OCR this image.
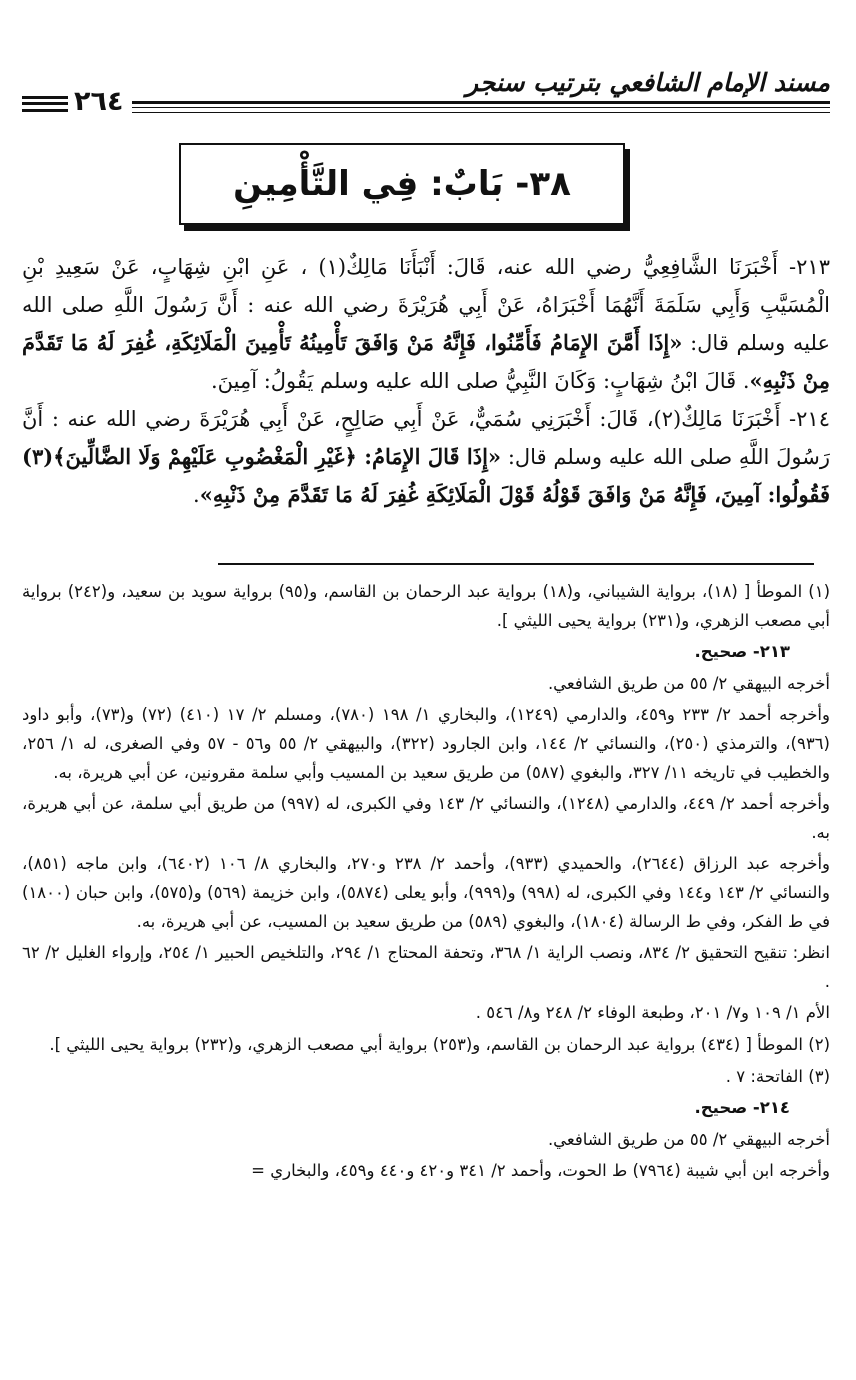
مسند الإمام الشافعي بترتيب سنجر
٢٦٤
٣٨- بَابٌ: فِي التَّأْمِينِ

٢١٣- أَخْبَرَنَا الشَّافِعِيُّ رضي الله عنه، قَالَ: أَنْبَأَنَا مَالِكٌ(١) ، عَنِ ابْنِ شِهَابٍ، عَنْ سَعِيدِ بْنِ الْمُسَيَّبِ وَأَبِي سَلَمَةَ أَنَّهُمَا أَخْبَرَاهُ، عَنْ أَبِي هُرَيْرَةَ رضي الله عنه : أَنَّ رَسُولَ اللَّهِ صلى الله عليه وسلم قال: «إِذَا أَمَّنَ الإِمَامُ فَأَمِّنُوا، فَإِنَّهُ مَنْ وَافَقَ تَأْمِينُهُ تَأْمِينَ الْمَلَائِكَةِ، غُفِرَ لَهُ مَا تَقَدَّمَ مِنْ ذَنْبِهِ». قَالَ ابْنُ شِهَابٍ: وَكَانَ النَّبِيُّ صلى الله عليه وسلم يَقُولُ: آمِينَ.

٢١٤- أَخْبَرَنَا مَالِكٌ(٢)، قَالَ: أَخْبَرَنِي سُمَيٌّ، عَنْ أَبِي صَالِحٍ، عَنْ أَبِي هُرَيْرَةَ رضي الله عنه : أَنَّ رَسُولَ اللَّهِ صلى الله عليه وسلم قال: «إِذَا قَالَ الإِمَامُ: ﴿غَيْرِ الْمَغْضُوبِ عَلَيْهِمْ وَلَا الضَّالِّينَ﴾(٣) فَقُولُوا: آمِينَ، فَإِنَّهُ مَنْ وَافَقَ قَوْلُهُ قَوْلَ الْمَلَائِكَةِ غُفِرَ لَهُ مَا تَقَدَّمَ مِنْ ذَنْبِهِ».

(١) الموطأ [ (١٨)، برواية الشيباني، و(١٨) برواية عبد الرحمان بن القاسم، و(٩٥) برواية سويد بن سعيد، و(٢٤٢) برواية أبي مصعب الزهري، و(٢٣١) برواية يحيى الليثي ].

٢١٣- صحيح.

أخرجه البيهقي ٢/ ٥٥ من طريق الشافعي.

وأخرجه أحمد ٢/ ٢٣٣ و٤٥٩، والدارمي (١٢٤٩)، والبخاري ١/ ١٩٨ (٧٨٠)، ومسلم ٢/ ١٧ (٤١٠) (٧٢) و(٧٣)، وأبو داود (٩٣٦)، والترمذي (٢٥٠)، والنسائي ٢/ ١٤٤، وابن الجارود (٣٢٢)، والبيهقي ٢/ ٥٥ و٥٦ - ٥٧ وفي الصغرى، له ١/ ٢٥٦، والخطيب في تاريخه ١١/ ٣٢٧، والبغوي (٥٨٧) من طريق سعيد بن المسيب وأبي سلمة مقرونين، عن أبي هريرة، به.

وأخرجه أحمد ٢/ ٤٤٩، والدارمي (١٢٤٨)، والنسائي ٢/ ١٤٣ وفي الكبرى، له (٩٩٧) من طريق أبي سلمة، عن أبي هريرة، به.

وأخرجه عبد الرزاق (٢٦٤٤)، والحميدي (٩٣٣)، وأحمد ٢/ ٢٣٨ و٢٧٠، والبخاري ٨/ ١٠٦ (٦٤٠٢)، وابن ماجه (٨٥١)، والنسائي ٢/ ١٤٣ و١٤٤ وفي الكبرى، له (٩٩٨) و(٩٩٩)، وأبو يعلى (٥٨٧٤)، وابن خزيمة (٥٦٩) و(٥٧٥)، وابن حبان (١٨٠٠) في ط الفكر، وفي ط الرسالة (١٨٠٤)، والبغوي (٥٨٩) من طريق سعيد بن المسيب، عن أبي هريرة، به.

انظر: تنقيح التحقيق ٢/ ٨٣٤، ونصب الراية ١/ ٣٦٨، وتحفة المحتاج ١/ ٢٩٤، والتلخيص الحبير ١/ ٢٥٤، وإرواء الغليل ٢/ ٦٢ .

الأم ١/ ١٠٩ و٧/ ٢٠١، وطبعة الوفاء ٢/ ٢٤٨ و٨/ ٥٤٦ .

(٢) الموطأ [ (٤٣٤) برواية عبد الرحمان بن القاسم، و(٢٥٣) برواية أبي مصعب الزهري، و(٢٣٢) برواية يحيى الليثي ].

(٣) الفاتحة: ٧ .

٢١٤- صحيح.

أخرجه البيهقي ٢/ ٥٥ من طريق الشافعي.

وأخرجه ابن أبي شيبة (٧٩٦٤) ط الحوت، وأحمد ٢/ ٣٤١ و٤٢٠ و٤٤٠ و٤٥٩، والبخاري =
